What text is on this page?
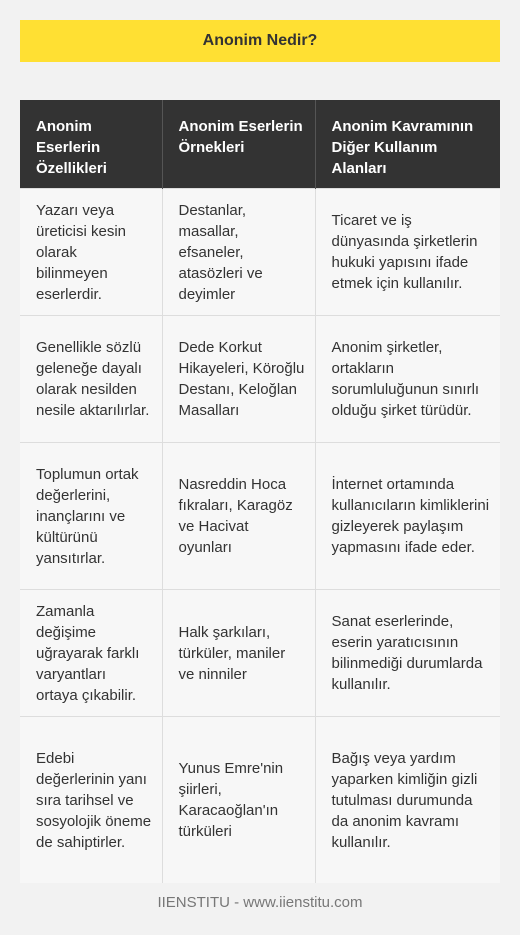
Anonim Nedir?
Anonim Eserlerin Özellikleri	Anonim Eserlerin Örnekleri	Anonim Kavramının Diğer Kullanım Alanları
Yazarı veya üreticisi kesin olarak bilinmeyen eserlerdir.	Destanlar, masallar, efsaneler, atasözleri ve deyimler	Ticaret ve iş dünyasında şirketlerin hukuki yapısını ifade etmek için kullanılır.
Genellikle sözlü geleneğe dayalı olarak nesilden nesile aktarılırlar.	Dede Korkut Hikayeleri, Köroğlu Destanı, Keloğlan Masalları	Anonim şirketler, ortakların sorumluluğunun sınırlı olduğu şirket türüdür.
Toplumun ortak değerlerini, inançlarını ve kültürünü yansıtırlar.	Nasreddin Hoca fıkraları, Karagöz ve Hacivat oyunları	İnternet ortamında kullanıcıların kimliklerini gizleyerek paylaşım yapmasını ifade eder.
Zamanla değişime uğrayarak farklı varyantları ortaya çıkabilir.	Halk şarkıları, türküler, maniler ve ninniler	Sanat eserlerinde, eserin yaratıcısının bilinmediği durumlarda kullanılır.
Edebi değerlerinin yanı sıra tarihsel ve sosyolojik öneme de sahiptirler.	Yunus Emre'nin şiirleri, Karacaoğlan'ın türküleri	Bağış veya yardım yaparken kimliğin gizli tutulması durumunda da anonim kavramı kullanılır.
IIENSTITU - www.iienstitu.com
